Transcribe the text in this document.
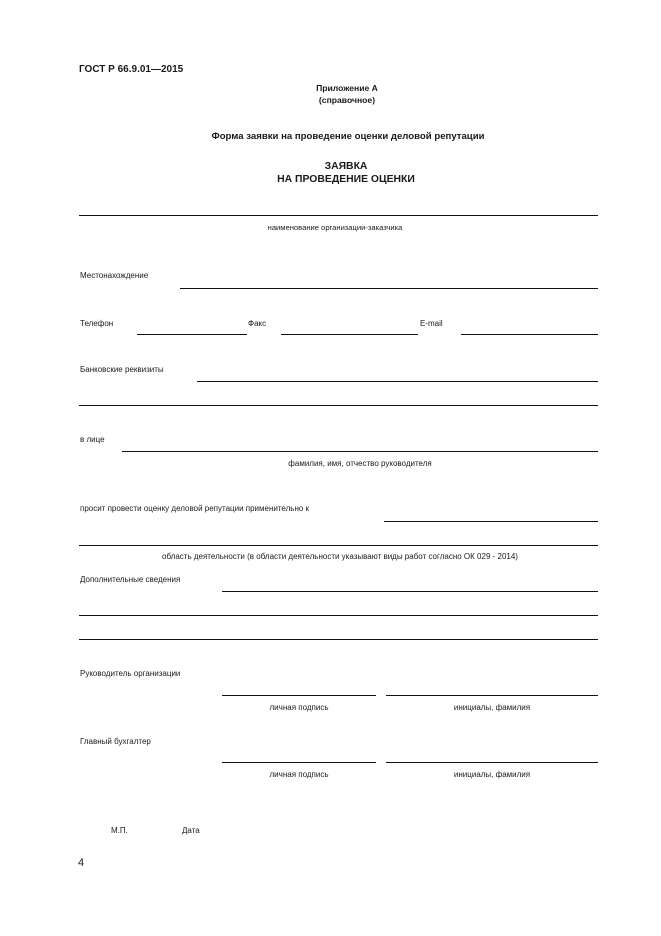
ГОСТ Р 66.9.01—2015
Приложение А
(справочное)
Форма заявки на проведение оценки деловой репутации
ЗАЯВКА
НА ПРОВЕДЕНИЕ ОЦЕНКИ
наименование организации-заказчика
Местонахождение
Телефон	Факс	E-mail
Банковские реквизиты
в лице
фамилия, имя, отчество руководителя
просит провести оценку деловой репутации применительно к
область деятельности (в области деятельности указывают виды работ согласно ОК 029 - 2014)
Дополнительные сведения
Руководитель организации
личная подпись	инициалы, фамилия
Главный бухгалтер
личная подпись	инициалы, фамилия
М.П.	Дата
4
